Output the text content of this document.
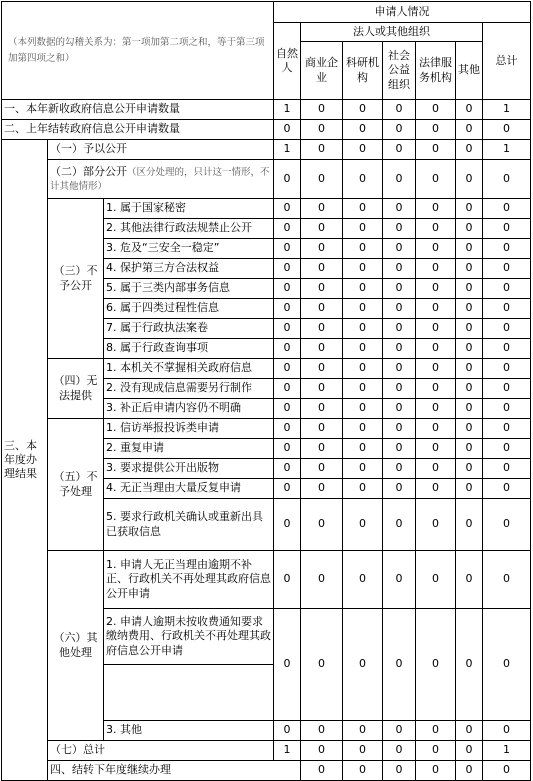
（本列数据的勾稽关系为：第一项加第二项之和，等于第三项加第四项之和）			申请人情况							
			自然人	法人或其他组织					总计	
				商业企业	科研机构	社会公益组织	法律服务机构	其他		
一、本年新收政府信息公开申请数量			1	0	0	0	0	0	1	
二、上年结转政府信息公开申请数量			0	0	0	0	0	0	0	
三、本年度办理结果	（一）予以公开		1	0	0	0	0	0	1	
	（二）部分公开（区分处理的，只计这一情形，不计其他情形）		0	0	0	0	0	0	0	
	（三）不予公开	1. 属于国家秘密	0	0	0	0	0	0	0	
		2. 其他法律行政法规禁止公开	0	0	0	0	0	0	0	
		3. 危及“三安全一稳定”	0	0	0	0	0	0	0	
		4. 保护第三方合法权益	0	0	0	0	0	0	0	
		5. 属于三类内部事务信息	0	0	0	0	0	0	0	
		6. 属于四类过程性信息	0	0	0	0	0	0	0	
		7. 属于行政执法案卷	0	0	0	0	0	0	0	
		8. 属于行政查询事项	0	0	0	0	0	0	0	
	（四）无法提供	1. 本机关不掌握相关政府信息	0	0	0	0	0	0	0	
		2. 没有现成信息需要另行制作	0	0	0	0	0	0	0	
		3. 补正后申请内容仍不明确	0	0	0	0	0	0	0	
	（五）不予处理	1. 信访举报投诉类申请	0	0	0	0	0	0	0	
		2. 重复申请	0	0	0	0	0	0	0	
		3. 要求提供公开出版物	0	0	0	0	0	0	0	
		4. 无正当理由大量反复申请	0	0	0	0	0	0	0	
		5. 要求行政机关确认或重新出具已获取信息	0	0	0	0	0	0	0	
	（六）其他处理	1. 申请人无正当理由逾期不补正、行政机关不再处理其政府信息公开申请	0	0	0	0	0	0	0	
		2. 申请人逾期未按收费通知要求缴纳费用、行政机关不再处理其政府信息公开申请	0	0	0	0	0	0	0	

		3. 其他	0	0	0	0	0	0	0	
	（七）总计		1	0	0	0	0	0	1	
	四、结转下年度继续办理			0	0	0	0	0	0	
